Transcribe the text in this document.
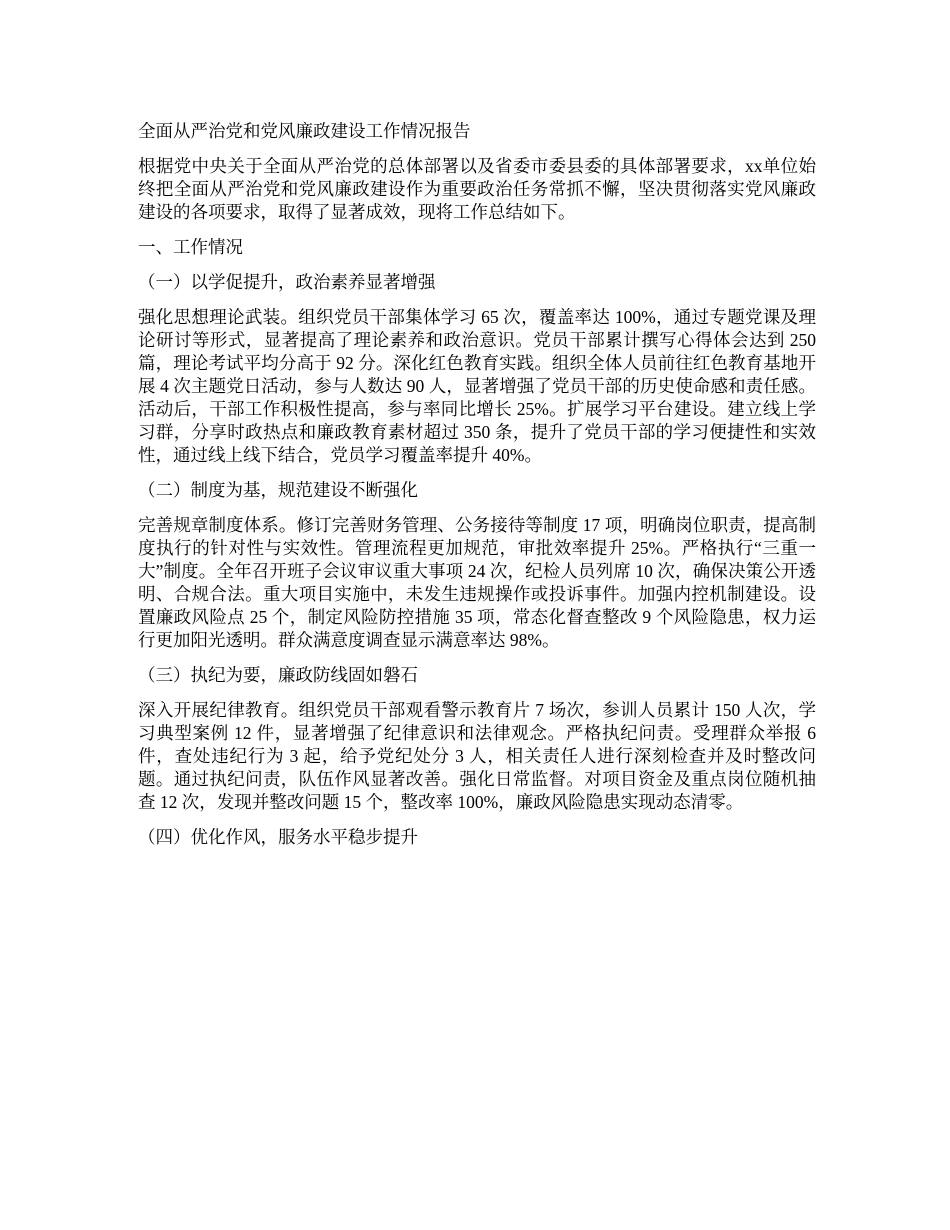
全面从严治党和党风廉政建设工作情况报告
根据党中央关于全面从严治党的总体部署以及省委市委县委的具体部署要求，xx单位始终把全面从严治党和党风廉政建设作为重要政治任务常抓不懈，坚决贯彻落实党风廉政建设的各项要求，取得了显著成效，现将工作总结如下。
一、工作情况
（一）以学促提升，政治素养显著增强
强化思想理论武装。组织党员干部集体学习 65 次，覆盖率达 100%，通过专题党课及理论研讨等形式，显著提高了理论素养和政治意识。党员干部累计撰写心得体会达到 250 篇，理论考试平均分高于 92 分。深化红色教育实践。组织全体人员前往红色教育基地开展 4 次主题党日活动，参与人数达 90 人，显著增强了党员干部的历史使命感和责任感。活动后，干部工作积极性提高，参与率同比增长 25%。扩展学习平台建设。建立线上学习群，分享时政热点和廉政教育素材超过 350 条，提升了党员干部的学习便捷性和实效性，通过线上线下结合，党员学习覆盖率提升 40%。
（二）制度为基，规范建设不断强化
完善规章制度体系。修订完善财务管理、公务接待等制度 17 项，明确岗位职责，提高制度执行的针对性与实效性。管理流程更加规范，审批效率提升 25%。严格执行“三重一大”制度。全年召开班子会议审议重大事项 24 次，纪检人员列席 10 次，确保决策公开透明、合规合法。重大项目实施中，未发生违规操作或投诉事件。加强内控机制建设。设置廉政风险点 25 个，制定风险防控措施 35 项，常态化督查整改 9 个风险隐患，权力运行更加阳光透明。群众满意度调查显示满意率达 98%。
（三）执纪为要，廉政防线固如磐石
深入开展纪律教育。组织党员干部观看警示教育片 7 场次，参训人员累计 150 人次，学习典型案例 12 件，显著增强了纪律意识和法律观念。严格执纪问责。受理群众举报 6 件，查处违纪行为 3 起，给予党纪处分 3 人，相关责任人进行深刻检查并及时整改问题。通过执纪问责，队伍作风显著改善。强化日常监督。对项目资金及重点岗位随机抽查 12 次，发现并整改问题 15 个，整改率 100%，廉政风险隐患实现动态清零。
（四）优化作风，服务水平稳步提升
